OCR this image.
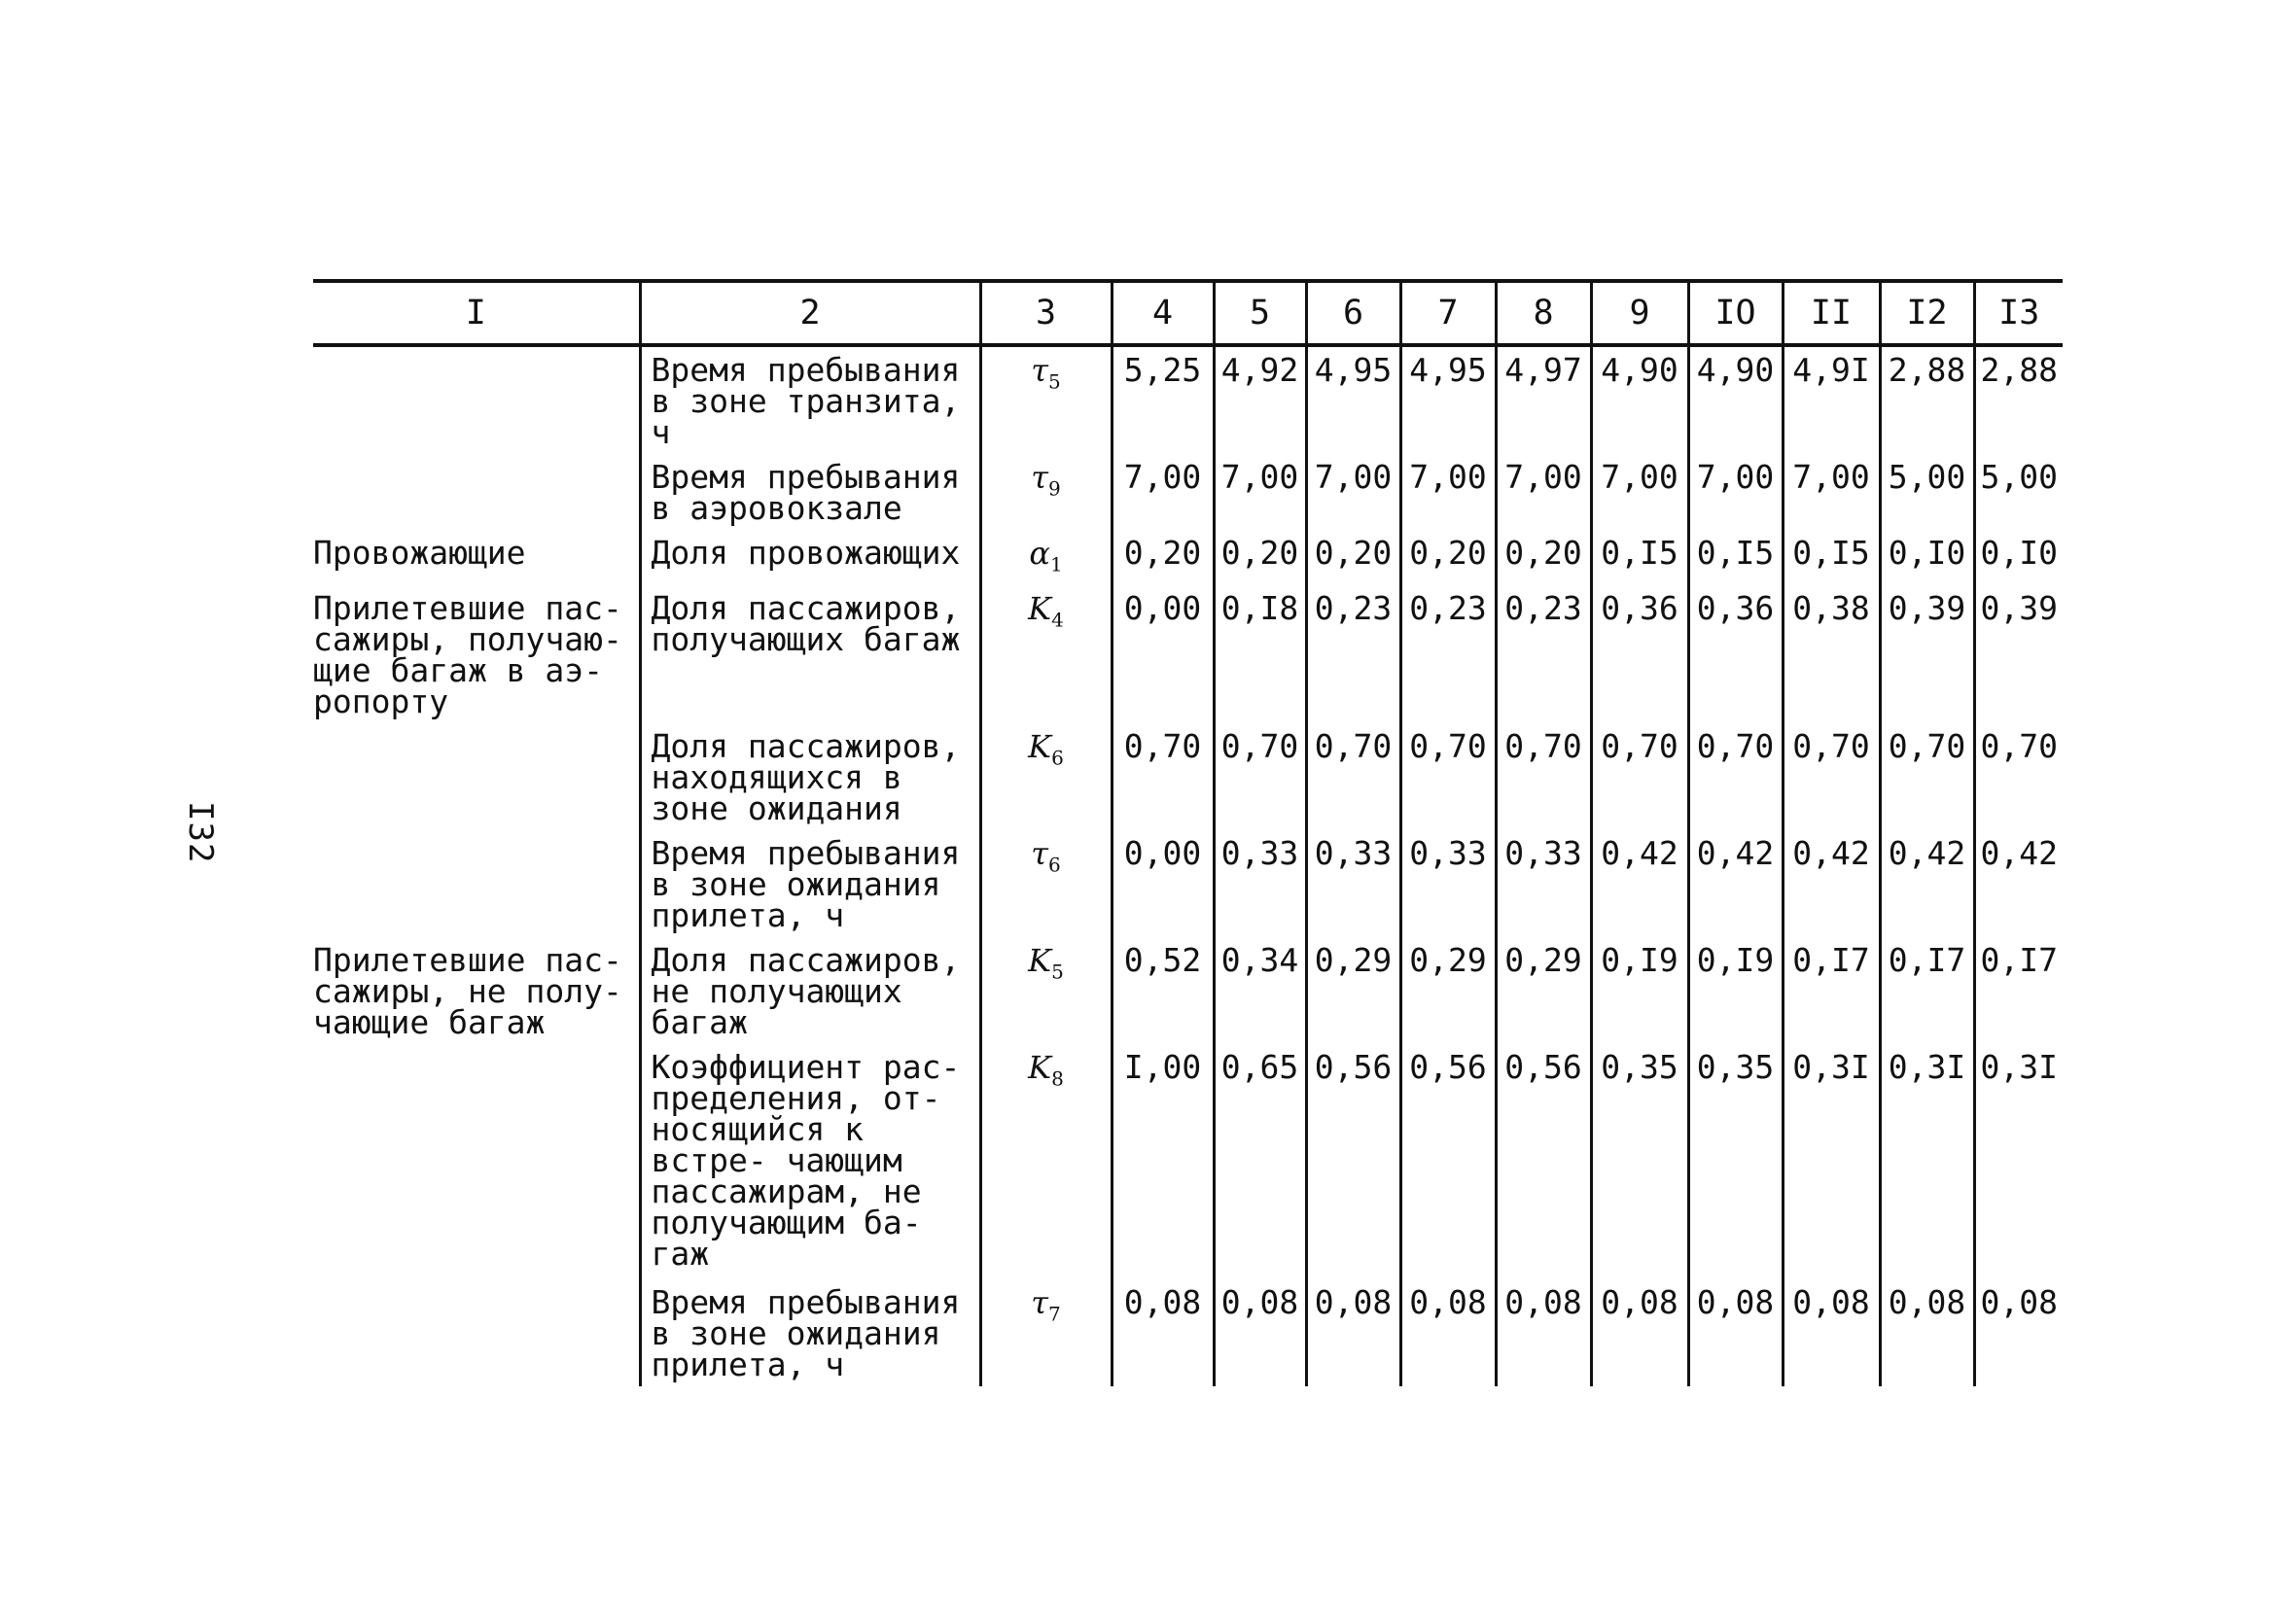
I32
I	2	3	4	5	6	7	8	9	IO	II	I2	I3
	Время пребывания в зоне транзита, ч	$\tau_5$	5,25	4,92	4,95	4,95	4,97	4,90	4,90	4,9I	2,88	2,88
	Время пребывания в аэровокзале	$\tau_9$	7,00	7,00	7,00	7,00	7,00	7,00	7,00	7,00	5,00	5,00
Провожающие	Доля провожающих	$\alpha_1$	0,20	0,20	0,20	0,20	0,20	0,I5	0,I5	0,I5	0,I0	0,I0
Прилетевшие пас- сажиры, получаю- щие багаж в аэ- ропорту	Доля пассажиров, получающих багаж	$K_4$	0,00	0,I8	0,23	0,23	0,23	0,36	0,36	0,38	0,39	0,39
	Доля пассажиров, находящихся в зоне ожидания	$K_6$	0,70	0,70	0,70	0,70	0,70	0,70	0,70	0,70	0,70	0,70
	Время пребывания в зоне ожидания прилета, ч	$\tau_6$	0,00	0,33	0,33	0,33	0,33	0,42	0,42	0,42	0,42	0,42
Прилетевшие пас- сажиры, не полу- чающие багаж	Доля пассажиров, не получающих багаж	$K_5$	0,52	0,34	0,29	0,29	0,29	0,I9	0,I9	0,I7	0,I7	0,I7
	Коэффициент рас- пределения, от- носящийся к встре- чающим пассажирам, не получающим ба- гаж	$K_8$	I,00	0,65	0,56	0,56	0,56	0,35	0,35	0,3I	0,3I	0,3I
	Время пребывания в зоне ожидания прилета, ч	$\tau_7$	0,08	0,08	0,08	0,08	0,08	0,08	0,08	0,08	0,08	0,08
